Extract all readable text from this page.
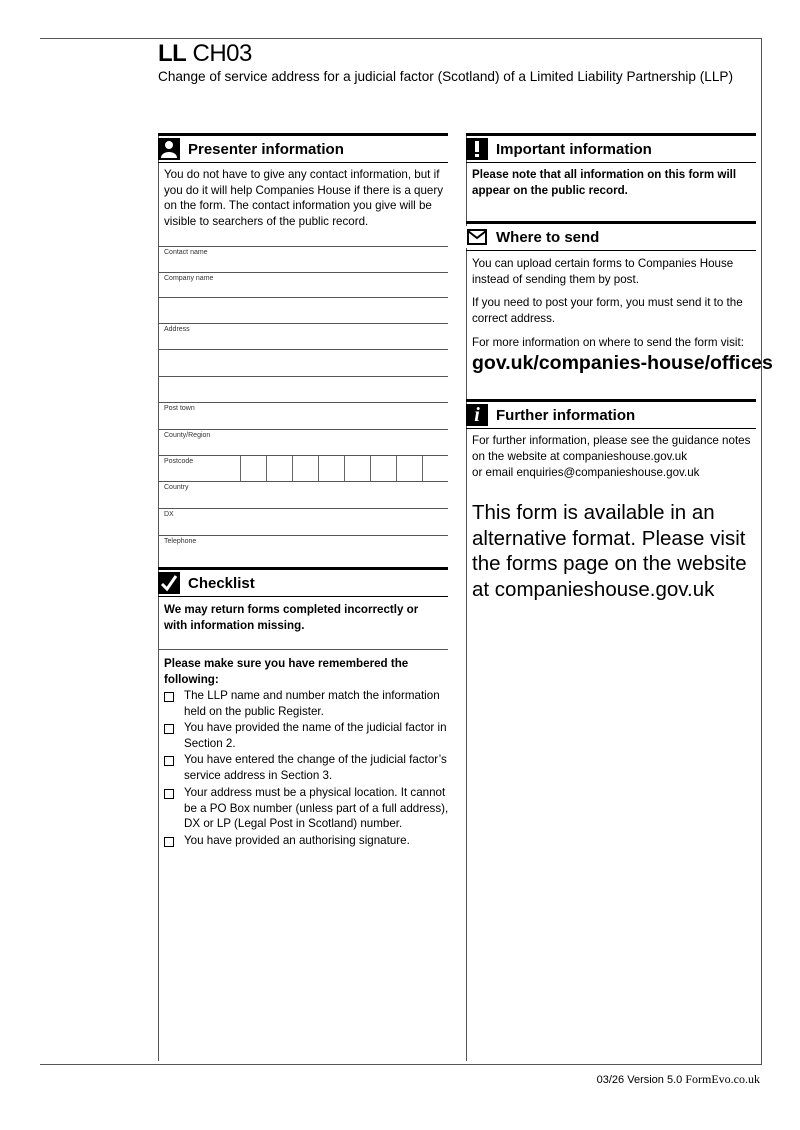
LL CH03
Change of service address for a judicial factor (Scotland) of a Limited Liability Partnership (LLP)
Presenter information
You do not have to give any contact information, but if you do it will help Companies House if there is a query on the form. The contact information you give will be visible to searchers of the public record.
Contact name
Company name
Address
Post town
County/Region
Postcode
Country
DX
Telephone
Checklist
We may return forms completed incorrectly or with information missing.
Please make sure you have remembered the following:
The LLP name and number match the information held on the public Register.
You have provided the name of the judicial factor in Section 2.
You have entered the change of the judicial factor’s service address in Section 3.
Your address must be a physical location. It cannot be a PO Box number (unless part of a full address), DX or LP (Legal Post in Scotland) number.
You have provided an authorising signature.
Important information
Please note that all information on this form will appear on the public record.
Where to send
You can upload certain forms to Companies House instead of sending them by post.
If you need to post your form, you must send it to the correct address.
For more information on where to send the form visit:
gov.uk/companies-house/offices
i Further information
For further information, please see the guidance notes
on the website at companieshouse.gov.uk
or email enquiries@companieshouse.gov.uk
This form is available in an alternative format. Please visit the forms page on the website at companieshouse.gov.uk
03/26 Version 5.0 FormEvo.co.uk
